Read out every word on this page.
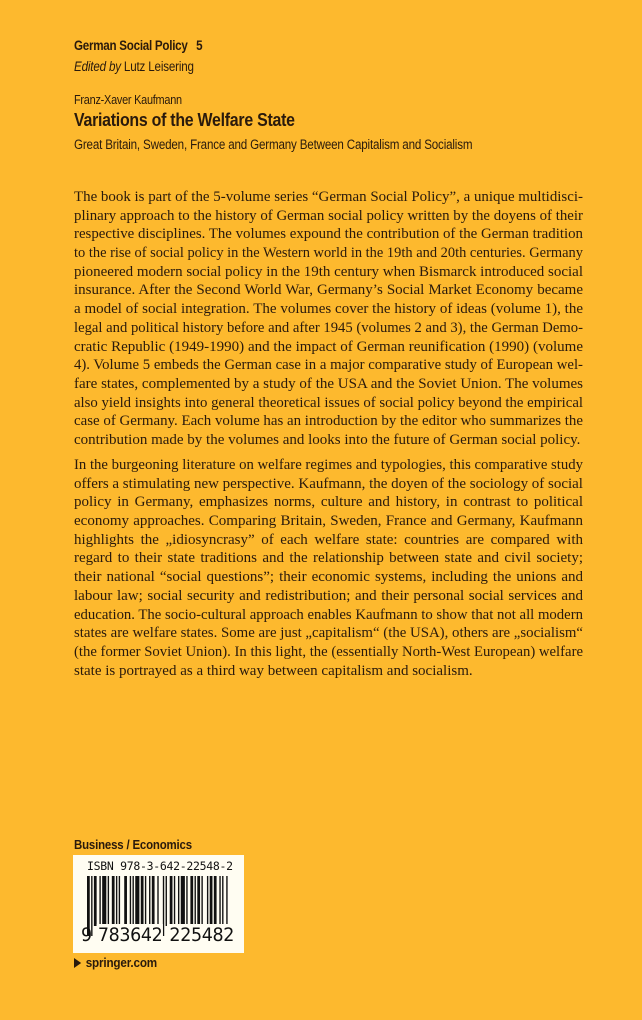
German Social Policy 5
Edited by Lutz Leisering
Franz-Xaver Kaufmann
Variations of the Welfare State
Great Britain, Sweden, France and Germany Between Capitalism and Socialism
The book is part of the 5-volume series “German Social Policy”, a unique multidisci-
plinary approach to the history of German social policy written by the doyens of their
respective disciplines. The volumes expound the contribution of the German tradition
to the rise of social policy in the Western world in the 19th and 20th centuries. Germany
pioneered modern social policy in the 19th century when Bismarck introduced social
insurance. After the Second World War, Germany’s Social Market Economy became
a model of social integration. The volumes cover the history of ideas (volume 1), the
legal and political history before and after 1945 (volumes 2 and 3), the German Demo-
cratic Republic (1949-1990) and the impact of German reunification (1990) (volume
4). Volume 5 embeds the German case in a major comparative study of European wel-
fare states, complemented by a study of the USA and the Soviet Union. The volumes
also yield insights into general theoretical issues of social policy beyond the empirical
case of Germany. Each volume has an introduction by the editor who summarizes the
contribution made by the volumes and looks into the future of German social policy.
In the burgeoning literature on welfare regimes and typologies, this comparative study
offers a stimulating new perspective. Kaufmann, the doyen of the sociology of social
policy in Germany, emphasizes norms, culture and history, in contrast to political
economy approaches. Comparing Britain, Sweden, France and Germany, Kaufmann
highlights the „idiosyncrasy” of each welfare state: countries are compared with
regard to their state traditions and the relationship between state and civil society;
their national “social questions”; their economic systems, including the unions and
labour law; social security and redistribution; and their personal social services and
education. The socio-cultural approach enables Kaufmann to show that not all modern
states are welfare states. Some are just „capitalism“ (the USA), others are „socialism“
(the former Soviet Union). In this light, the (essentially North-West European) welfare
state is portrayed as a third way between capitalism and socialism.
Business / Economics
ISBN 978-3-642-22548-2
9 783642 225482
springer.com
